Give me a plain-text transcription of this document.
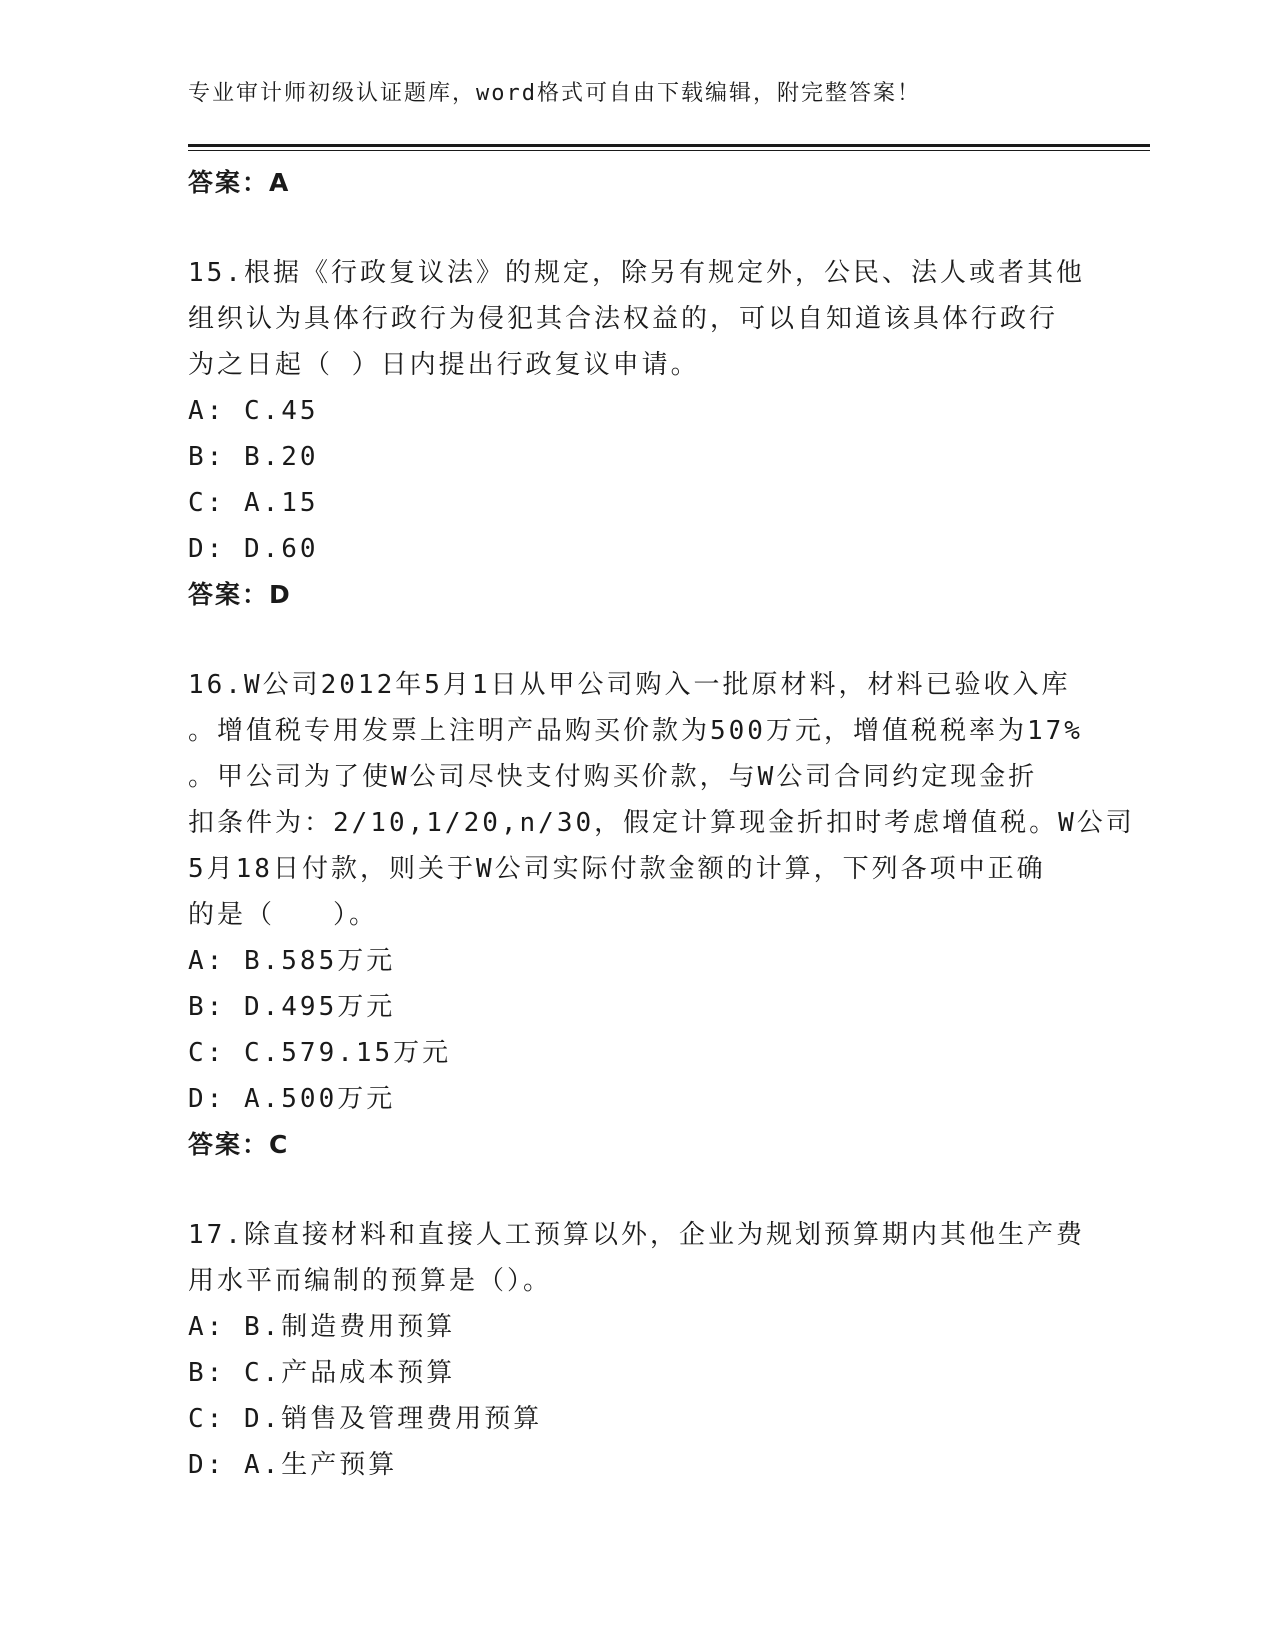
专业审计师初级认证题库，word格式可自由下载编辑，附完整答案！
答案：A
15.根据《行政复议法》的规定，除另有规定外，公民、法人或者其他
组织认为具体行政行为侵犯其合法权益的，可以自知道该具体行政行
为之日起（ ）日内提出行政复议申请。
A: C.45
B: B.20
C: A.15
D: D.60
答案：D
16.W公司2012年5月1日从甲公司购入一批原材料，材料已验收入库
。增值税专用发票上注明产品购买价款为500万元，增值税税率为17%
。甲公司为了使W公司尽快支付购买价款，与W公司合同约定现金折
扣条件为：2/10,1/20,n/30，假定计算现金折扣时考虑增值税。W公司
5月18日付款，则关于W公司实际付款金额的计算，下列各项中正确
的是（　　）。
A: B.585万元
B: D.495万元
C: C.579.15万元
D: A.500万元
答案：C
17.除直接材料和直接人工预算以外，企业为规划预算期内其他生产费
用水平而编制的预算是（）。
A: B.制造费用预算
B: C.产品成本预算
C: D.销售及管理费用预算
D: A.生产预算
